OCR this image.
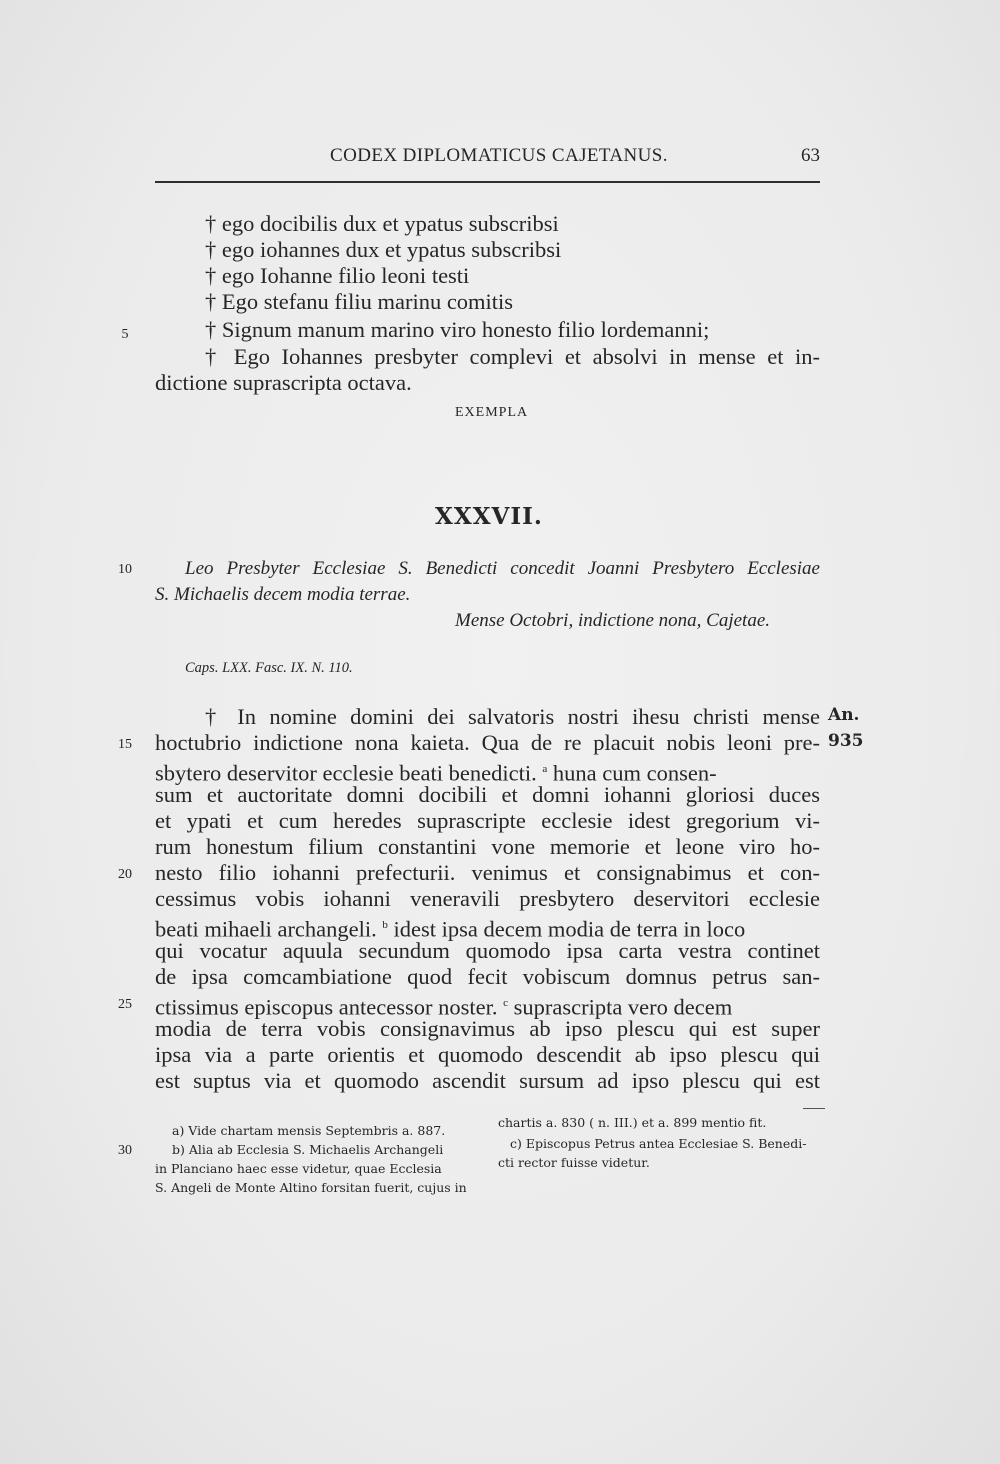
CODEX DIPLOMATICUS CAJETANUS.	63
† ego docibilis dux et ypatus subscribsi
† ego iohannes dux et ypatus subscribsi
† ego Iohanne filio leoni testi
† Ego stefanu filiu marinu comitis
† Signum manum marino viro honesto filio lordemanni;
† Ego Iohannes presbyter complevi et absolvi in mense et in-
dictione suprascripta octava.
EXEMPLA
XXXVII.
Leo Presbyter Ecclesiae S. Benedicti concedit Joanni Presbytero Ecclesiae
S. Michaelis decem modia terrae.
Mense Octobri, indictione nona, Cajetae.
Caps. LXX. Fasc. IX. N. 110.
† In nomine domini dei salvatoris nostri ihesu christi mense
hoctubrio indictione nona kaieta. Qua de re placuit nobis leoni pre-
sbytero deservitor ecclesie beati benedicti. $^a$ huna cum consen-
sum et auctoritate domni docibili et domni iohanni gloriosi duces
et ypati et cum heredes suprascripte ecclesie idest gregorium vi-
rum honestum filium constantini vone memorie et leone viro ho-
nesto filio iohanni prefecturii. venimus et consignabimus et con-
cessimus vobis iohanni veneravili presbytero deservitori ecclesie
beati mihaeli archangeli. $^b$ idest ipsa decem modia de terra in loco
qui vocatur aquula secundum quomodo ipsa carta vestra continet
de ipsa comcambiatione quod fecit vobiscum domnus petrus san-
ctissimus episcopus antecessor noster. $^c$ suprascripta vero decem
modia de terra vobis consignavimus ab ipso plescu qui est super
ipsa via a parte orientis et quomodo descendit ab ipso plescu qui
est suptus via et quomodo ascendit sursum ad ipso plescu qui est
5
10
15
20
25
30
An.
935
a) Vide chartam mensis Septembris a. 887.
b) Alia ab Ecclesia S. Michaelis Archangeli
in Planciano haec esse videtur, quae Ecclesia
S. Angeli de Monte Altino forsitan fuerit, cujus in
chartis a. 830 ( n. III.) et a. 899 mentio fit.
c) Episcopus Petrus antea Ecclesiae S. Benedi-
cti rector fuisse videtur.
